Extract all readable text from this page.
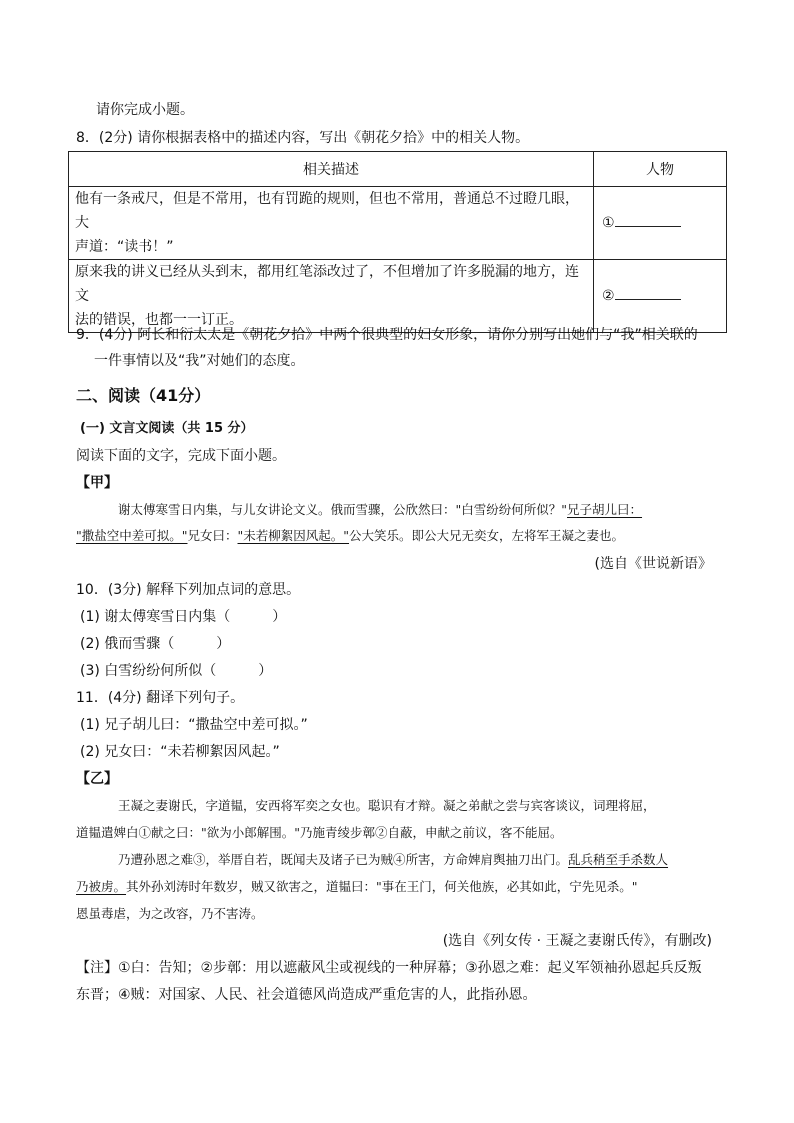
请你完成小题。
8．(2分) 请你根据表格中的描述内容，写出《朝花夕拾》中的相关人物。
相关描述	人物

他有一条戒尺，但是不常用，也有罚跪的规则，但也不常用，普通总不过瞪几眼，大
声道：“读书！”	①

原来我的讲义已经从头到末，都用红笔添改过了，不但增加了许多脱漏的地方，连文
法的错误，也都一一订正。	②
9．(4分) 阿长和衍太太是《朝花夕拾》中两个很典型的妇女形象，请你分别写出她们与“我”相关联的
一件事情以及“我”对她们的态度。
二、阅读（41分）
(一) 文言文阅读（共 15 分）
阅读下面的文字，完成下面小题。
【甲】
谢太傅寒雪日内集，与儿女讲论文义。俄而雪骤，公欣然曰："白雪纷纷何所似？"兄子胡儿曰：
"撒盐空中差可拟。"兄女曰："未若柳絮因风起。"公大笑乐。即公大兄无奕女，左将军王凝之妻也。
(选自《世说新语》
10．(3分) 解释下列加点词的意思。
(1) 谢太傅寒雪日内集（　　　）
(2) 俄而雪骤（　　　）
(3) 白雪纷纷何所似（　　　）
11．(4分) 翻译下列句子。
(1) 兄子胡儿曰：“撒盐空中差可拟。”
(2) 兄女曰：“未若柳絮因风起。”
【乙】
王凝之妻谢氏，字道韫，安西将军奕之女也。聪识有才辩。凝之弟献之尝与宾客谈议，词理将屈，
道韫遣婢白①献之曰："欲为小郎解围。"乃施青绫步鄣②自蔽，申献之前议，客不能屈。
乃遭孙恩之难③，举厝自若，既闻夫及诸子已为贼④所害，方命婢肩舆抽刀出门。乱兵稍至手杀数人
乃被虏。其外孙刘涛时年数岁，贼又欲害之，道韫曰："事在王门，何关他族，必其如此，宁先见杀。"
恩虽毒虐，为之改容，乃不害涛。
(选自《列女传 · 王凝之妻谢氏传》，有删改)
【注】①白：告知；②步鄣：用以遮蔽风尘或视线的一种屏幕；③孙恩之难：起义军领袖孙恩起兵反叛
东晋；④贼：对国家、人民、社会道德风尚造成严重危害的人，此指孙恩。
